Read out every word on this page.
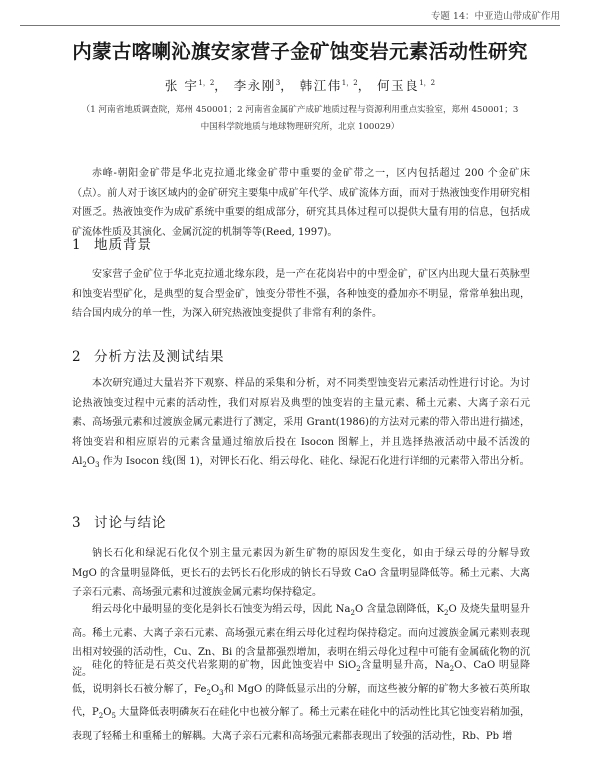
专题 14：中亚造山带成矿作用
内蒙古喀喇沁旗安家营子金矿蚀变岩元素活动性研究

张 宇$^{1,2}$， 李永刚$^3$， 韩江伟$^{1,2}$， 何玉良$^{1,2}$

（1 河南省地质调查院，郑州 450001；2 河南省金属矿产成矿地质过程与资源利用重点实验室，郑州 450001；3
中国科学院地质与地球物理研究所，北京 100029）

赤峰-朝阳金矿带是华北克拉通北缘金矿带中重要的金矿带之一，区内包括超过 200 个金矿床（点）。前人对于该区域内的金矿研究主要集中成矿年代学、成矿流体方面，而对于热液蚀变作用研究相对匮乏。热液蚀变作为成矿系统中重要的组成部分，研究其具体过程可以提供大量有用的信息，包括成矿流体性质及其演化、金属沉淀的机制等等(Reed, 1997)。

1 地质背景

安家营子金矿位于华北克拉通北缘东段，是一产在花岗岩中的中型金矿，矿区内出现大量石英脉型和蚀变岩型矿化，是典型的复合型金矿，蚀变分带性不强，各种蚀变的叠加亦不明显，常常单独出现，结合国内成分的单一性，为深入研究热液蚀变提供了非常有利的条件。

2 分析方法及测试结果

本次研究通过大量岩芥下观察、样品的采集和分析，对不同类型蚀变岩元素活动性进行讨论。为讨论热液蚀变过程中元素的活动性，我们对原岩及典型的蚀变岩的主量元素、稀土元素、大离子亲石元素、高场强元素和过渡族金属元素进行了测定，采用 Grant(1986)的方法对元素的带入带出进行描述，将蚀变岩和相应原岩的元素含量通过缩放后投在 Isocon 图解上，并且选择热液活动中最不活泼的 $Al_2O_3$ 作为 Isocon 线(图 1)，对钾长石化、绢云母化、硅化、绿泥石化进行详细的元素带入带出分析。

3 讨论与结论

钠长石化和绿泥石化仅个别主量元素因为新生矿物的原因发生变化，如由于绿云母的分解导致 MgO 的含量明显降低，更长石的去钙长石化形成的钠长石导致 CaO 含量明显降低等。稀土元素、大离子亲石元素、高场强元素和过渡族金属元素均保持稳定。

绢云母化中最明显的变化是斜长石蚀变为绢云母，因此 $Na_2O$ 含量急剧降低，$K_2O$ 及烧失量明显升高。稀土元素、大离子亲石元素、高场强元素在绢云母化过程均保持稳定。而向过渡族金属元素则表现出相对较强的活动性，Cu、Zn、Bi 的含量都强烈增加，表明在绢云母化过程中可能有金属硫化物的沉淀。

硅化的特征是石英交代岩浆期的矿物，因此蚀变岩中 SiO$_2$含量明显升高，$Na_2O$、CaO 明显降低，说明斜长石被分解了，$Fe_2O_3$和 MgO 的降低显示出的分解，而这些被分解的矿物大多被石英所取代，$P_2O_5$ 大量降低表明磷灰石在硅化中也被分解了。稀土元素在硅化中的活动性比其它蚀变岩稍加强，表现了轻稀土和重稀土的解耦。大离子亲石元素和高场强元素都表现出了较强的活动性，Rb、Pb 增
